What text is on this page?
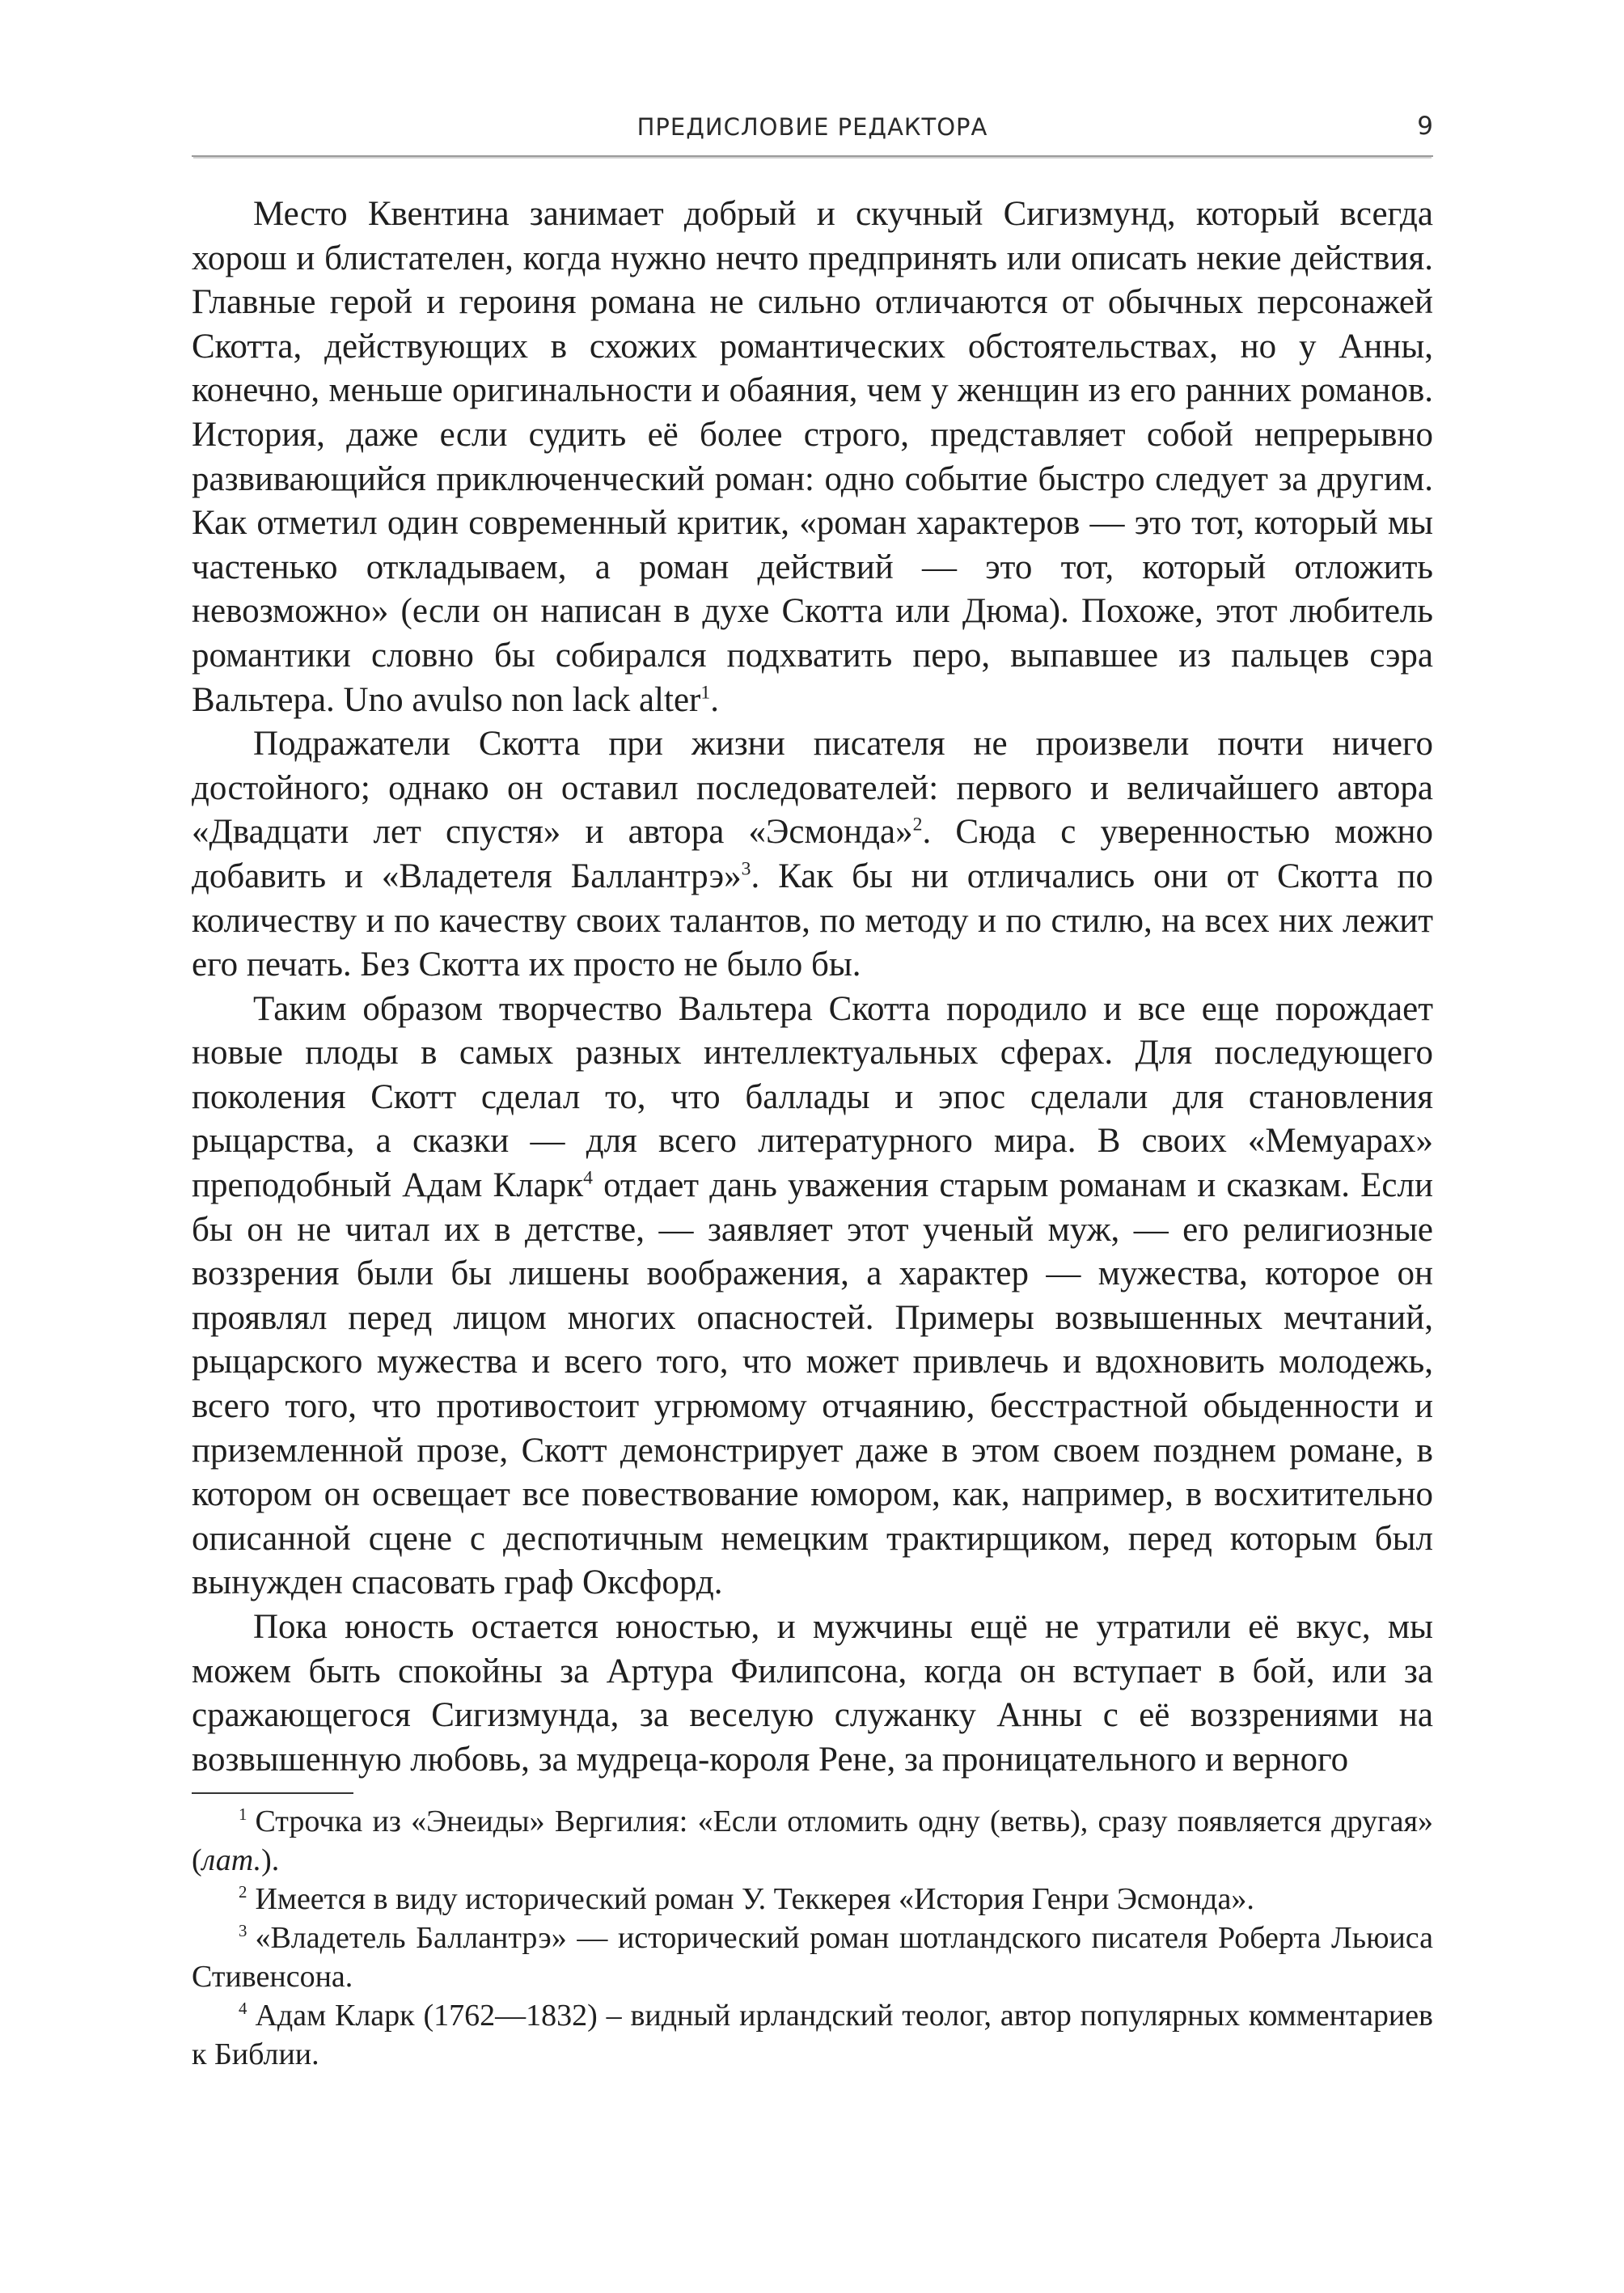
ПРЕДИСЛОВИЕ РЕДАКТОРА	9

Место Квентина занимает добрый и скучный Сигизмунд, который всегда хорош и блистателен, когда нужно нечто предпринять или описать некие действия. Главные герой и героиня романа не сильно отличаются от обычных персонажей Скотта, действующих в схожих романтических обстоятельствах, но у Анны, конечно, меньше оригинальности и обаяния, чем у женщин из его ранних романов. История, даже если судить её более строго, представляет собой непрерывно развивающийся приключенческий роман: одно событие быстро следует за другим. Как отметил один современный критик, «роман характеров — это тот, который мы частенько откладываем, а роман действий — это тот, который отложить невозможно» (если он написан в духе Скотта или Дюма). Похоже, этот любитель романтики словно бы собирался подхватить перо, выпавшее из пальцев сэра Вальтера. Uno avulso non lack alter$^1$.

Подражатели Скотта при жизни писателя не произвели почти ничего достойного; однако он оставил последователей: первого и величайшего автора «Двадцати лет спустя» и автора «Эсмонда»$^2$. Сюда с уверенностью можно добавить и «Владетеля Баллантрэ»$^3$. Как бы ни отличались они от Скотта по количеству и по качеству своих талантов, по методу и по стилю, на всех них лежит его печать. Без Скотта их просто не было бы.

Таким образом творчество Вальтера Скотта породило и все еще порождает новые плоды в самых разных интеллектуальных сферах. Для последующего поколения Скотт сделал то, что баллады и эпос сделали для становления рыцарства, а сказки — для всего литературного мира. В своих «Мемуарах» преподобный Адам Кларк$^4$ отдает дань уважения старым романам и сказкам. Если бы он не читал их в детстве, — заявляет этот ученый муж, — его религиозные воззрения были бы лишены воображения, а характер — мужества, которое он проявлял перед лицом многих опасностей. Примеры возвышенных мечтаний, рыцарского мужества и всего того, что может привлечь и вдохновить молодежь, всего того, что противостоит угрюмому отчаянию, бесстрастной обыденности и приземленной прозе, Скотт демонстрирует даже в этом своем позднем романе, в котором он освещает все повествование юмором, как, например, в восхитительно описанной сцене с деспотичным немецким трактирщиком, перед которым был вынужден спасовать граф Оксфорд.

Пока юность остается юностью, и мужчины ещё не утратили её вкус, мы можем быть спокойны за Артура Филипсона, когда он вступает в бой, или за сражающегося Сигизмунда, за веселую служанку Анны с её воззрениями на возвышенную любовь, за мудреца-короля Рене, за проницательного и верного

$^1$ Строчка из «Энеиды» Вергилия: «Если отломить одну (ветвь), сразу появляется другая» (лат.).

$^2$ Имеется в виду исторический роман У. Теккерея «История Генри Эсмонда».

$^3$ «Владетель Баллантрэ» — исторический роман шотландского писателя Роберта Льюиса Стивенсона.

$^4$ Адам Кларк (1762—1832) – видный ирландский теолог, автор популярных комментариев к Библии.
